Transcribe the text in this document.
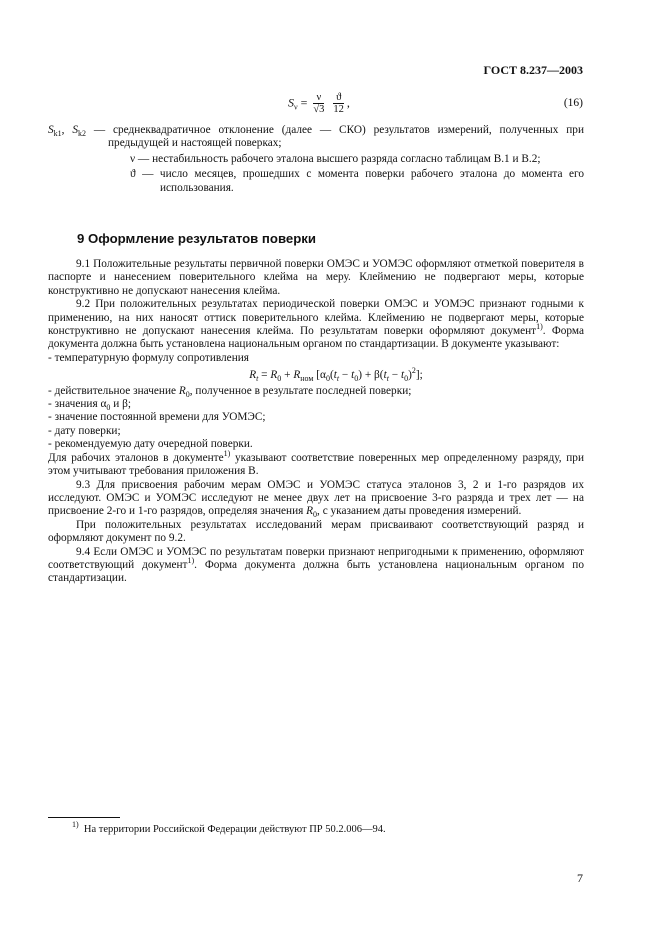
ГОСТ 8.237—2003
$S_\nu = \frac{\nu}{√3}$
$\frac{ϑ}{12}$ ,	(16)
$S_{k1}$, $S_{k2}$ — среднеквадратичное отклонение (далее — СКО) результатов измерений, полученных при предыдущей и настоящей поверках;
ν — нестабильность рабочего эталона высшего разряда согласно таблицам В.1 и В.2;
ϑ — число месяцев, прошедших с момента поверки рабочего эталона до момента его использования.
9 Оформление результатов поверки

9.1 Положительные результаты первичной поверки ОМЭС и УОМЭС оформляют отметкой поверителя в паспорте и нанесением поверительного клейма на меру. Клеймению не подвергают меры, которые конструктивно не допускают нанесения клейма.

9.2 При положительных результатах периодической поверки ОМЭС и УОМЭС признают годными к применению, на них наносят оттиск поверительного клейма. Клеймению не подвергают меры, которые конструктивно не допускают нанесения клейма. По результатам поверки оформляют документ$^{1)}$. Форма документа должна быть установлена национальным органом по стандартизации. В документе указывают:

- температурную формулу сопротивления

$R_t = R_0 + R_{ном}$ $[\alpha_0(t_t - t_0) + \beta(t_t - t_0)^2]$;

- действительное значение $R_0$, полученное в результате последней поверки;

- значения $\alpha_0$ и β;

- значение постоянной времени для УОМЭС;

- дату поверки;

- рекомендуемую дату очередной поверки.

Для рабочих эталонов в документе$^{1)}$ указывают соответствие поверенных мер определенному разряду, при этом учитывают требования приложения В.

9.3 Для присвоения рабочим мерам ОМЭС и УОМЭС статуса эталонов 3, 2 и 1-го разрядов их исследуют. ОМЭС и УОМЭС исследуют не менее двух лет на присвоение 3-го разряда и трех лет — на присвоение 2-го и 1-го разрядов, определяя значения $R_0$, с указанием даты проведения измерений.

При положительных результатах исследований мерам присваивают соответствующий разряд и оформляют документ по 9.2.

9.4 Если ОМЭС и УОМЭС по результатам поверки признают непригодными к применению, оформляют соответствующий документ$^{1)}$. Форма документа должна быть установлена национальным органом по стандартизации.

$^{1)}$ На территории Российской Федерации действуют ПР 50.2.006—94.
7
